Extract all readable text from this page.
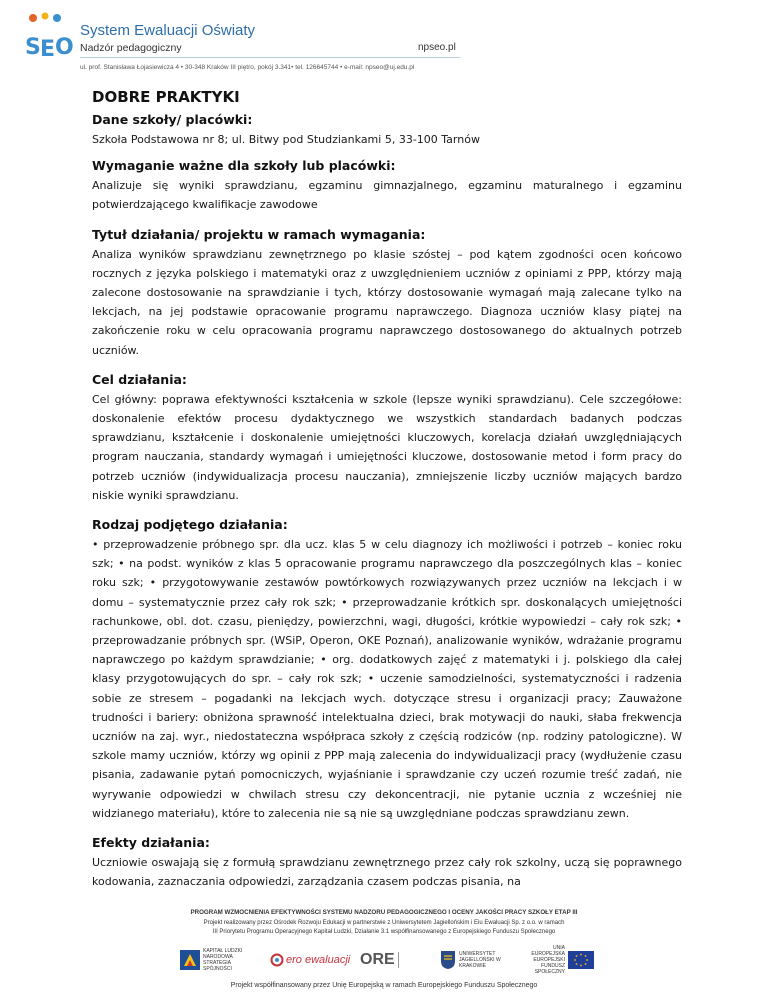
S E O
System Ewaluacji Oświaty
Nadzór pedagogiczny	npseo.pl
ul. prof. Stanisława Łojasiewicza 4 • 30-348 Kraków III piętro, pokój 3.341• tel. 126645744 • e-mail: npseo@uj.edu.pl
DOBRE PRAKTYKI
Dane szkoły/ placówki:

Szkoła Podstawowa nr 8; ul. Bitwy pod Studziankami 5, 33-100 Tarnów

Wymaganie ważne dla szkoły lub placówki:

Analizuje się wyniki sprawdzianu, egzaminu gimnazjalnego, egzaminu maturalnego i egzaminu potwierdzającego kwalifikacje zawodowe

Tytuł działania/ projektu w ramach wymagania:

Analiza wyników sprawdzianu zewnętrznego po klasie szóstej – pod kątem zgodności ocen końcowo rocznych z języka polskiego i matematyki oraz z uwzględnieniem uczniów z opiniami z PPP, którzy mają zalecone dostosowanie na sprawdzianie i tych, którzy dostosowanie wymagań mają zalecane tylko na lekcjach, na jej podstawie opracowanie programu naprawczego. Diagnoza uczniów klasy piątej na zakończenie roku w celu opracowania programu naprawczego dostosowanego do aktualnych potrzeb uczniów.

Cel działania:

Cel główny: poprawa efektywności kształcenia w szkole (lepsze wyniki sprawdzianu). Cele szczegółowe: doskonalenie efektów procesu dydaktycznego we wszystkich standardach badanych podczas sprawdzianu, kształcenie i doskonalenie umiejętności kluczowych, korelacja działań uwzględniających program nauczania, standardy wymagań i umiejętności kluczowe, dostosowanie metod i form pracy do potrzeb uczniów (indywidualizacja procesu nauczania), zmniejszenie liczby uczniów mających bardzo niskie wyniki sprawdzianu.

Rodzaj podjętego działania:

• przeprowadzenie próbnego spr. dla ucz. klas 5 w celu diagnozy ich możliwości i potrzeb – koniec roku szk; • na podst. wyników z klas 5 opracowanie programu naprawczego dla poszczególnych klas – koniec roku szk; • przygotowywanie zestawów powtórkowych rozwiązywanych przez uczniów na lekcjach i w domu – systematycznie przez cały rok szk; • przeprowadzanie krótkich spr. doskonalących umiejętności rachunkowe, obl. dot. czasu, pieniędzy, powierzchni, wagi, długości, krótkie wypowiedzi – cały rok szk; • przeprowadzanie próbnych spr. (WSiP, Operon, OKE Poznań), analizowanie wyników, wdrażanie programu naprawczego po każdym sprawdzianie; • org. dodatkowych zajęć z matematyki i j. polskiego dla całej klasy przygotowujących do spr. – cały rok szk; • uczenie samodzielności, systematyczności i radzenia sobie ze stresem – pogadanki na lekcjach wych. dotyczące stresu i organizacji pracy; Zauważone trudności i bariery: obniżona sprawność intelektualna dzieci, brak motywacji do nauki, słaba frekwencja uczniów na zaj. wyr., niedostateczna współpraca szkoły z częścią rodziców (np. rodziny patologiczne). W szkole mamy uczniów, którzy wg opinii z PPP mają zalecenia do indywidualizacji pracy (wydłużenie czasu pisania, zadawanie pytań pomocniczych, wyjaśnianie i sprawdzanie czy uczeń rozumie treść zadań, nie wyrywanie odpowiedzi w chwilach stresu czy dekoncentracji, nie pytanie ucznia z wcześniej nie widzianego materiału), które to zalecenia nie są nie są uwzględniane podczas sprawdzianu zewn.

Efekty działania:

Uczniowie oswajają się z formułą sprawdzianu zewnętrznego przez cały rok szkolny, uczą się poprawnego kodowania, zaznaczania odpowiedzi, zarządzania czasem podczas pisania, na

PROGRAM WZMOCNIENIA EFEKTYWNOŚCI SYSTEMU NADZORU PEDAGOGICZNEGO I OCENY JAKOŚCI PRACY SZKOŁY ETAP III
Projekt realizowany przez Ośrodek Rozwoju Edukacji w partnerstwie z Uniwersytetem Jagiellońskim i Eiu Ewaluacji Sp. z o.o. w ramach
III Priorytetu Programu Operacyjnego Kapitał Ludzki, Działanie 3.1 współfinansowanego z Europejskiego Funduszu Społecznego
KAPITAŁ LUDZKI NARODOWA STRATEGIA SPÓJNOŚCI
ero ewaluacji ORE	UNIWERSYTET JAGIELLOŃSKI W KRAKOWIE
UNIA EUROPEJSKA EUROPEJSKI FUNDUSZ SPOŁECZNY
Projekt współfinansowany przez Unię Europejską w ramach Europejskiego Funduszu Społecznego
